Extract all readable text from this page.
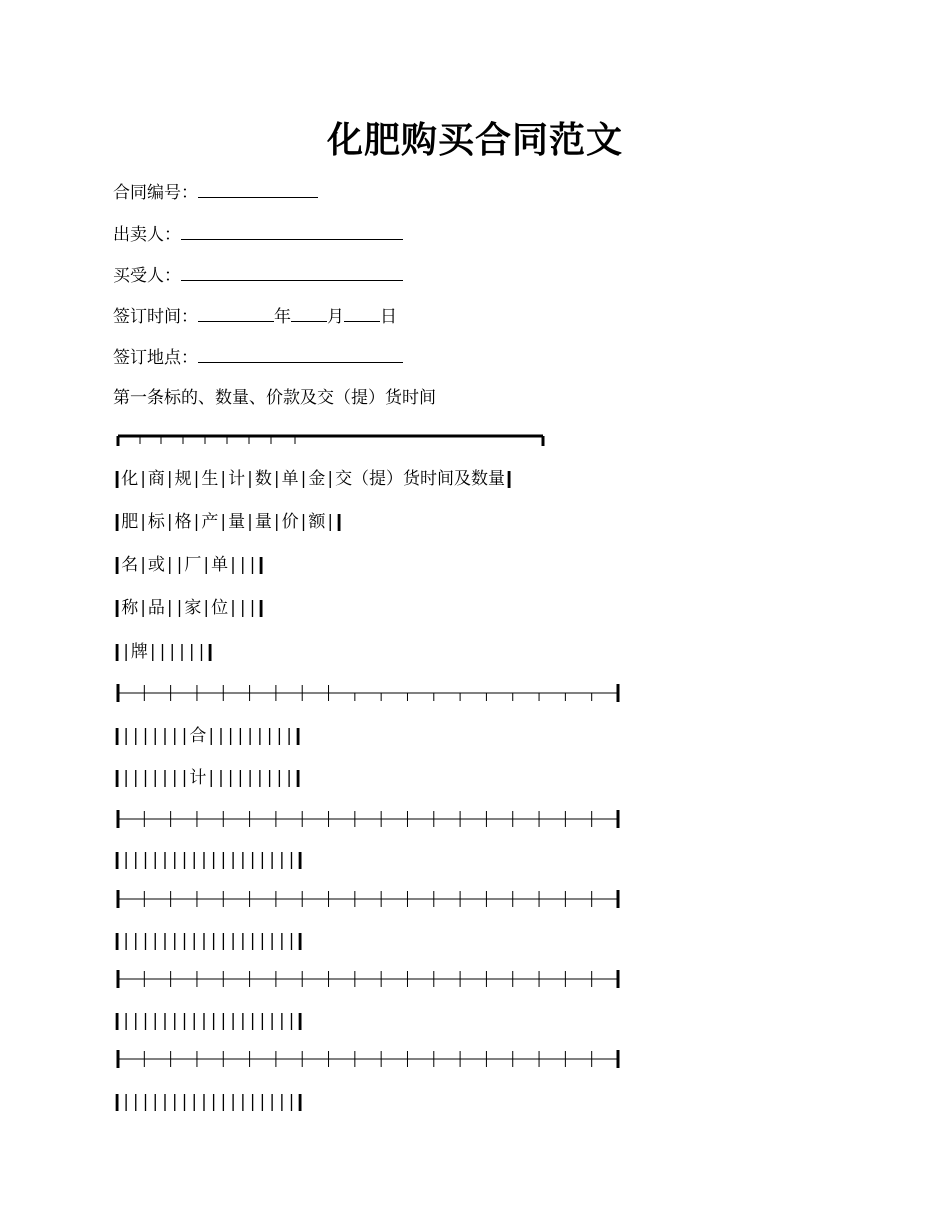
化肥购买合同范文
合同编号：
出卖人：
买受人：
签订时间：	年 月 日
签订地点：
第一条标的、数量、价款及交（提）货时间
|化 | 商 | 规 | 生 | 计 | 数 | 单 | 金 | 交（提）货时间及数量|
|肥 | 标 | 格 | 产 | 量 | 量 | 价 | 额 ||
|名 | 或 | | 厂 | 单 | | ||
|称 | 品 | | 家 | 位 | | ||
|| 牌 | | | | | ||
|| | | | | | | 合 | | | | | | | | ||
|| | | | | | | 计 | | | | | | | | ||
|| | | | | | | | | | | | | | | | | ||
|| | | | | | | | | | | | | | | | | ||
|| | | | | | | | | | | | | | | | | ||
|| | | | | | | | | | | | | | | | | ||
